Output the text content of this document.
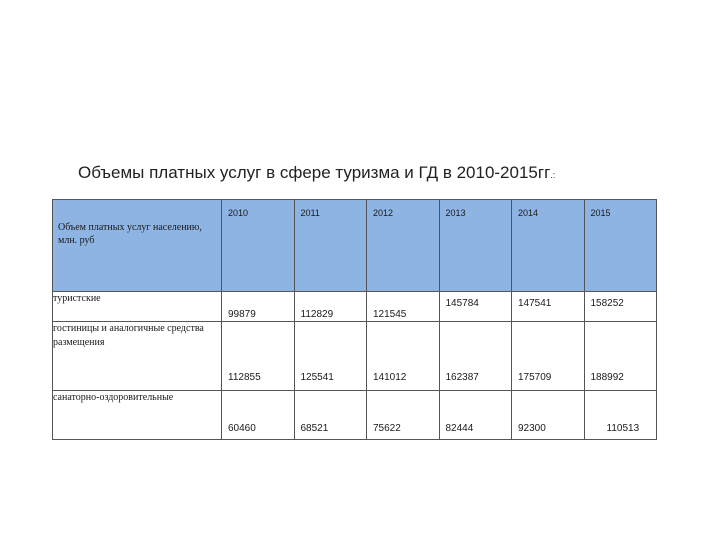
Объемы платных услуг в сфере туризма и ГД в 2010-2015гг.:
Объем платных услуг населению, млн. руб	2010	2011	2012	2013	2014	2015
туристские	99879	112829	121545	145784	147541	158252

гостиницы и аналогичные средства размещения	112855	125541	141012	162387	175709	188992

санаторно-оздоровительные	60460	68521	75622	82444	92300	110513
